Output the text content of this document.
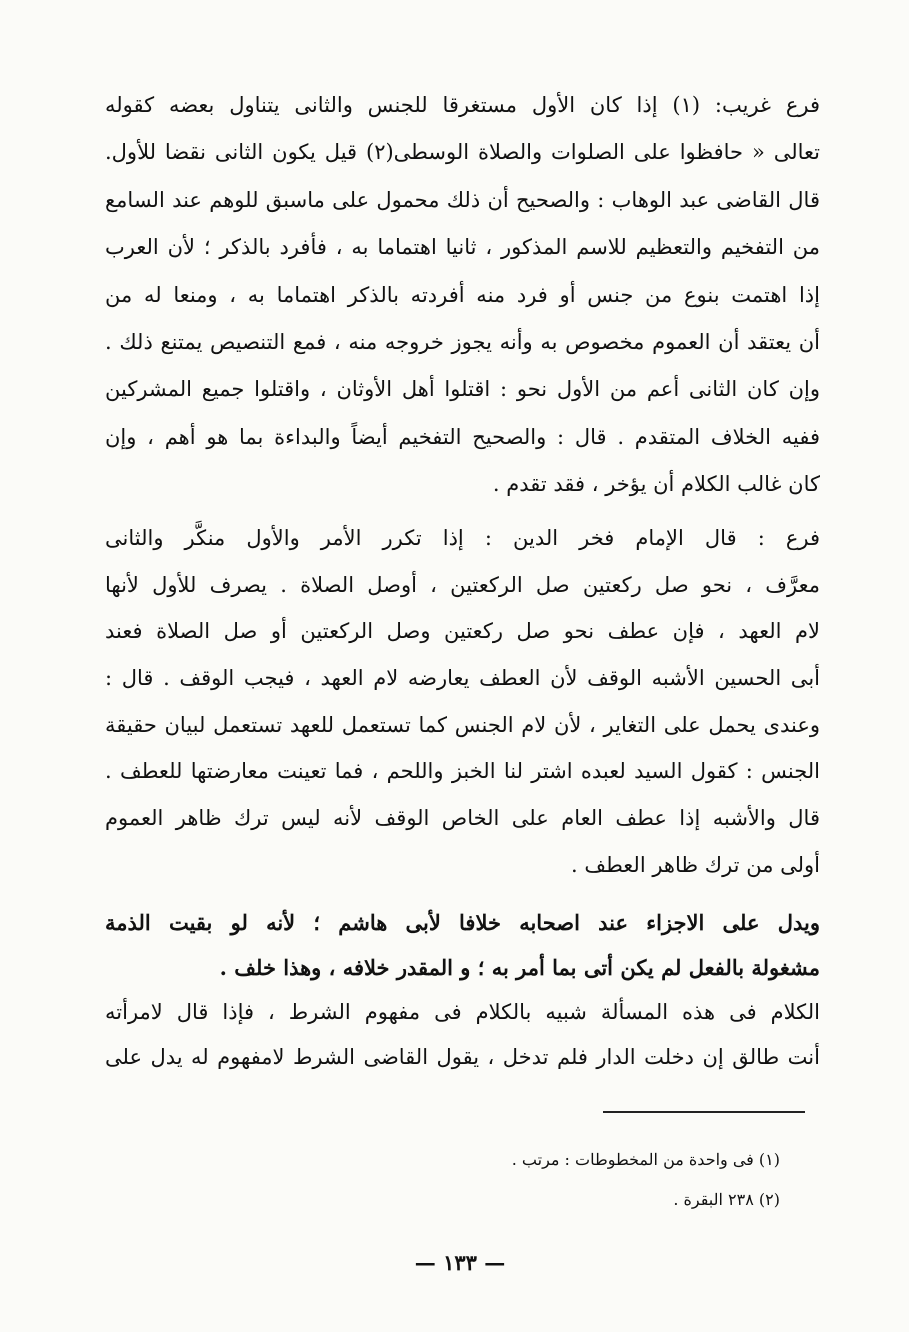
فرع غريب: (١) إذا كان الأول مستغرقا للجنس والثانى يتناول بعضه كقوله
تعالى « حافظوا على الصلوات والصلاة الوسطى(٢) قيل يكون الثانى نقضا للأول.
قال القاضى عبد الوهاب : والصحيح أن ذلك محمول على ماسبق للوهم عند السامع
من التفخيم والتعظيم للاسم المذكور ، ثانيا اهتماما به ، فأفرد بالذكر ؛ لأن العرب
إذا اهتمت بنوع من جنس أو فرد منه أفردته بالذكر اهتماما به ، ومنعا له من
أن يعتقد أن العموم مخصوص به وأنه يجوز خروجه منه ، فمع التنصيص يمتنع ذلك .
وإن كان الثانى أعم من الأول نحو : اقتلوا أهل الأوثان ، واقتلوا جميع المشركين
ففيه الخلاف المتقدم . قال : والصحيح التفخيم أيضاً والبداءة بما هو أهم ، وإن
كان غالب الكلام أن يؤخر ، فقد تقدم .
فرع : قال الإمام فخر الدين : إذا تكرر الأمر والأول منكَّر والثانى
معرَّف ، نحو صل ركعتين صل الركعتين ، أوصل الصلاة . يصرف للأول لأنها
لام العهد ، فإن عطف نحو صل ركعتين وصل الركعتين أو صل الصلاة فعند
أبى الحسين الأشبه الوقف لأن العطف يعارضه لام العهد ، فيجب الوقف . قال :
وعندى يحمل على التغاير ، لأن لام الجنس كما تستعمل للعهد تستعمل لبيان حقيقة
الجنس : كقول السيد لعبده اشتر لنا الخبز واللحم ، فما تعينت معارضتها للعطف .
قال والأشبه إذا عطف العام على الخاص الوقف لأنه ليس ترك ظاهر العموم
أولى من ترك ظاهر العطف .
ويدل على الاجزاء عند اصحابه خلافا لأبى هاشم ؛ لأنه لو بقيت الذمة
مشغولة بالفعل لم يكن أتى بما أمر به ؛ و المقدر خلافه ، وهذا خلف .
الكلام فى هذه المسألة شبيه بالكلام فى مفهوم الشرط ، فإذا قال لامرأته
أنت طالق إن دخلت الدار فلم تدخل ، يقول القاضى الشرط لامفهوم له يدل على
(١) فى واحدة من المخطوطات : مرتب .
(٢) ٢٣٨ البقرة .
— ١٣٣ —
